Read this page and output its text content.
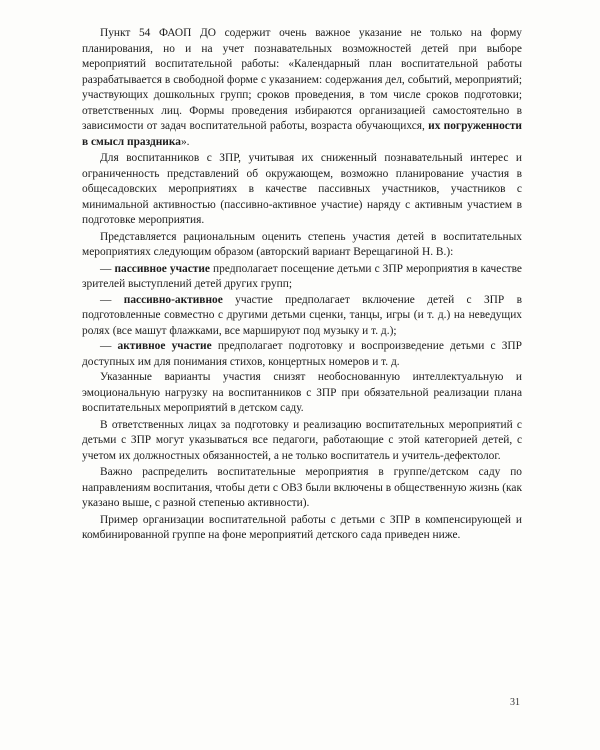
Пункт 54 ФАОП ДО содержит очень важное указание не только на форму планирования, но и на учет познавательных возможностей детей при выборе мероприятий воспитательной работы: «Календарный план воспитательной работы разрабатывается в свободной форме с указанием: содержания дел, событий, мероприятий; участвующих дошкольных групп; сроков проведения, в том числе сроков подготовки; ответственных лиц. Формы проведения избираются организацией самостоятельно в зависимости от задач воспитательной работы, возраста обучающихся, их погруженности в смысл праздника».

Для воспитанников с ЗПР, учитывая их сниженный познавательный интерес и ограниченность представлений об окружающем, возможно планирование участия в общесадовских мероприятиях в качестве пассивных участников, участников с минимальной активностью (пассивно-активное участие) наряду с активным участием в подготовке мероприятия.

Представляется рациональным оценить степень участия детей в воспитательных мероприятиях следующим образом (авторский вариант Верещагиной Н. В.):

— пассивное участие предполагает посещение детьми с ЗПР мероприятия в качестве зрителей выступлений детей других групп;

— пассивно-активное участие предполагает включение детей с ЗПР в подготовленные совместно с другими детьми сценки, танцы, игры (и т. д.) на неведущих ролях (все машут флажками, все маршируют под музыку и т. д.);

— активное участие предполагает подготовку и воспроизведение детьми с ЗПР доступных им для понимания стихов, концертных номеров и т. д.

Указанные варианты участия снизят необоснованную интеллектуальную и эмоциональную нагрузку на воспитанников с ЗПР при обязательной реализации плана воспитательных мероприятий в детском саду.

В ответственных лицах за подготовку и реализацию воспитательных мероприятий с детьми с ЗПР могут указываться все педагоги, работающие с этой категорией детей, с учетом их должностных обязанностей, а не только воспитатель и учитель-дефектолог.

Важно распределить воспитательные мероприятия в группе/детском саду по направлениям воспитания, чтобы дети с ОВЗ были включены в общественную жизнь (как указано выше, с разной степенью активности).

Пример организации воспитательной работы с детьми с ЗПР в компенсирующей и комбинированной группе на фоне мероприятий детского сада приведен ниже.

31
